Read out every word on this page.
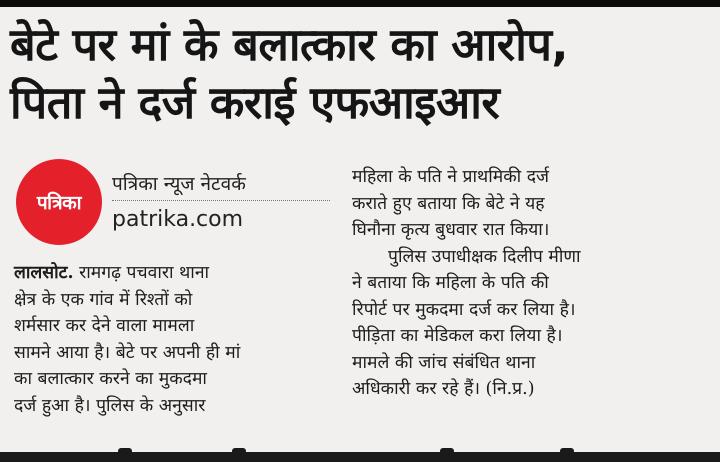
बेटे पर मां के बलात्कार का आरोप,
पिता ने दर्ज कराई एफआइआर
पत्रिका
पत्रिका न्यूज नेटवर्क
patrika.com
लालसोट. रामगढ़ पचवारा थाना
क्षेत्र के एक गांव में रिश्तों को
शर्मसार कर देने वाला मामला
सामने आया है। बेटे पर अपनी ही मां
का बलात्कार करने का मुकदमा
दर्ज हुआ है। पुलिस के अनुसार
महिला के पति ने प्राथमिकी दर्ज
कराते हुए बताया कि बेटे ने यह
घिनौना कृत्य बुधवार रात किया।
पुलिस उपाधीक्षक दिलीप मीणा
ने बताया कि महिला के पति की
रिपोर्ट पर मुकदमा दर्ज कर लिया है।
पीड़िता का मेडिकल करा लिया है।
मामले की जांच संबंधित थाना
अधिकारी कर रहे हैं। (नि.प्र.)
